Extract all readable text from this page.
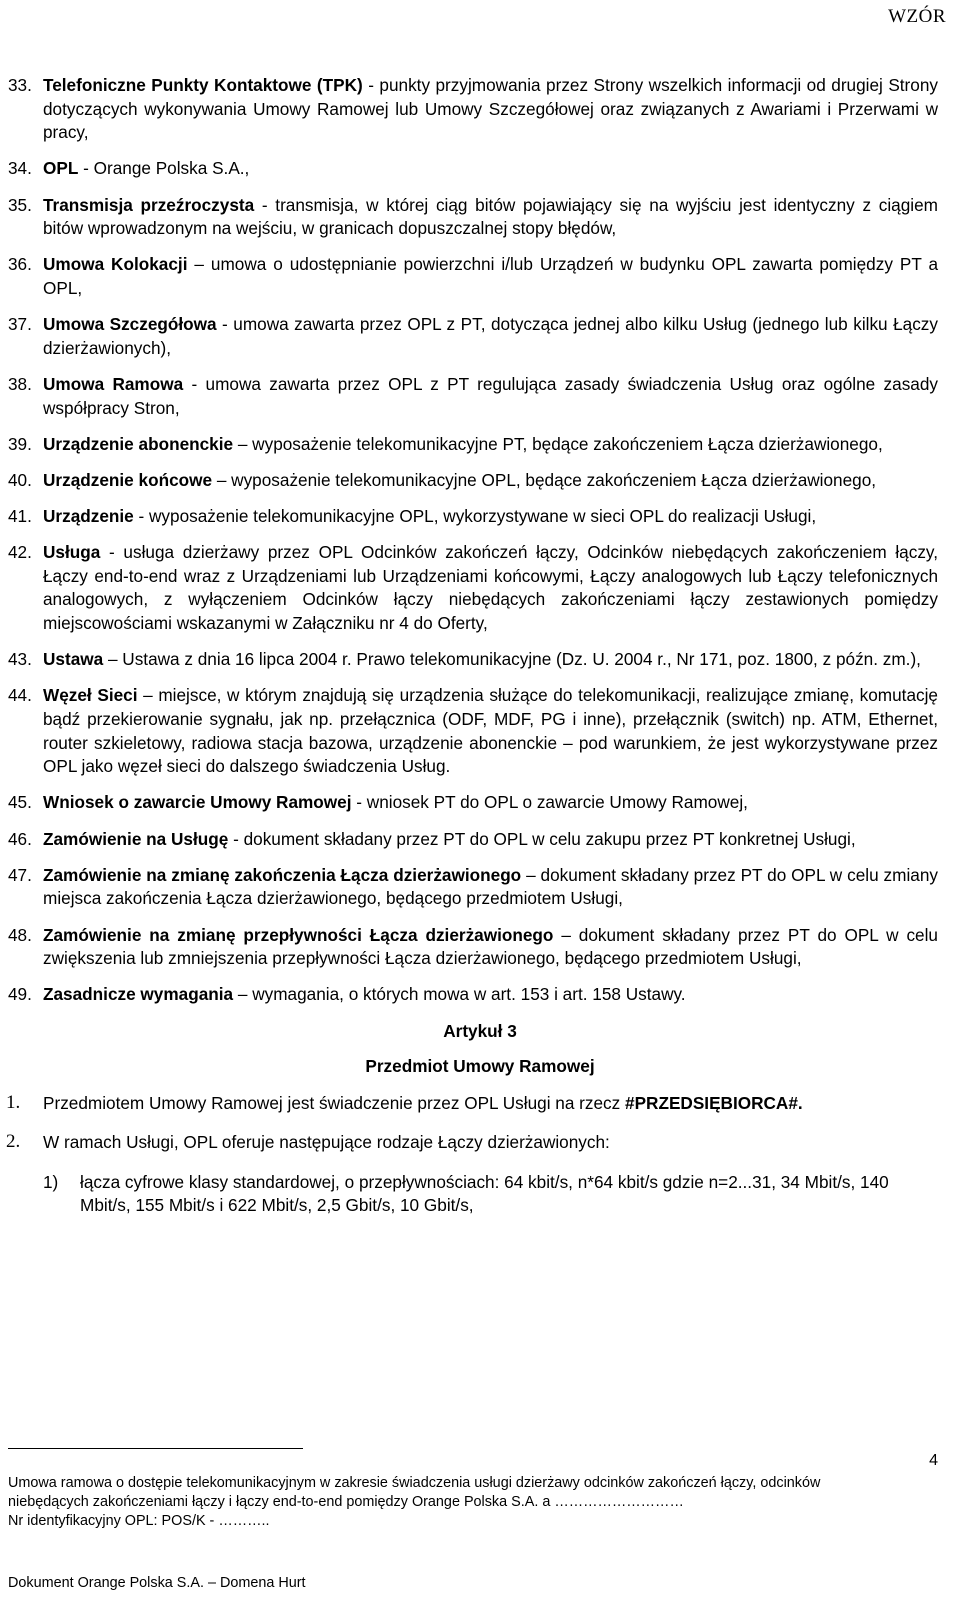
WZÓR
33. Telefoniczne Punkty Kontaktowe (TPK) - punkty przyjmowania przez Strony wszelkich informacji od drugiej Strony dotyczących wykonywania Umowy Ramowej lub Umowy Szczegółowej oraz związanych z Awariami i Przerwami w pracy,
34. OPL - Orange Polska S.A.,
35. Transmisja przeźroczysta - transmisja, w której ciąg bitów pojawiający się na wyjściu jest identyczny z ciągiem bitów wprowadzonym na wejściu, w granicach dopuszczalnej stopy błędów,
36. Umowa Kolokacji – umowa o udostępnianie powierzchni i/lub Urządzeń w budynku OPL zawarta pomiędzy PT a OPL,
37. Umowa Szczegółowa - umowa zawarta przez OPL z PT, dotycząca jednej albo kilku Usług (jednego lub kilku Łączy dzierżawionych),
38. Umowa Ramowa - umowa zawarta przez OPL z PT regulująca zasady świadczenia Usług oraz ogólne zasady współpracy Stron,
39. Urządzenie abonenckie – wyposażenie telekomunikacyjne PT, będące zakończeniem Łącza dzierżawionego,
40. Urządzenie końcowe – wyposażenie telekomunikacyjne OPL, będące zakończeniem Łącza dzierżawionego,
41. Urządzenie - wyposażenie telekomunikacyjne OPL, wykorzystywane w sieci OPL do realizacji Usługi,
42. Usługa - usługa dzierżawy przez OPL Odcinków zakończeń łączy, Odcinków niebędących zakończeniem łączy, Łączy end-to-end wraz z Urządzeniami lub Urządzeniami końcowymi, Łączy analogowych lub Łączy telefonicznych analogowych, z wyłączeniem Odcinków łączy niebędących zakończeniami łączy zestawionych pomiędzy miejscowościami wskazanymi w Załączniku nr 4 do Oferty,
43. Ustawa – Ustawa z dnia 16 lipca 2004 r. Prawo telekomunikacyjne (Dz. U. 2004 r., Nr 171, poz. 1800, z późn. zm.),
44. Węzeł Sieci – miejsce, w którym znajdują się urządzenia służące do telekomunikacji, realizujące zmianę, komutację bądź przekierowanie sygnału, jak np. przełącznica (ODF, MDF, PG i inne), przełącznik (switch) np. ATM, Ethernet, router szkieletowy, radiowa stacja bazowa, urządzenie abonenckie – pod warunkiem, że jest wykorzystywane przez OPL jako węzeł sieci do dalszego świadczenia Usług.
45. Wniosek o zawarcie Umowy Ramowej - wniosek PT do OPL o zawarcie Umowy Ramowej,
46. Zamówienie na Usługę - dokument składany przez PT do OPL w celu zakupu przez PT konkretnej Usługi,
47. Zamówienie na zmianę zakończenia Łącza dzierżawionego – dokument składany przez PT do OPL w celu zmiany miejsca zakończenia Łącza dzierżawionego, będącego przedmiotem Usługi,
48. Zamówienie na zmianę przepływności Łącza dzierżawionego – dokument składany przez PT do OPL w celu zwiększenia lub zmniejszenia przepływności Łącza dzierżawionego, będącego przedmiotem Usługi,
49. Zasadnicze wymagania – wymagania, o których mowa w art. 153 i art. 158 Ustawy.
Artykuł 3
Przedmiot Umowy Ramowej
1. Przedmiotem Umowy Ramowej jest świadczenie przez OPL Usługi na rzecz #PRZEDSIĘBIORCA#.
2. W ramach Usługi, OPL oferuje następujące rodzaje Łączy dzierżawionych:
1) łącza cyfrowe klasy standardowej, o przepływnościach: 64 kbit/s, n*64 kbit/s gdzie n=2...31, 34 Mbit/s, 140 Mbit/s, 155 Mbit/s i 622 Mbit/s, 2,5 Gbit/s, 10 Gbit/s,
4
Umowa ramowa o dostępie telekomunikacyjnym w zakresie świadczenia usługi dzierżawy odcinków zakończeń łączy, odcinków
niebędących zakończeniami łączy i łączy end-to-end pomiędzy Orange Polska S.A. a ………………………
Nr identyfikacyjny OPL: POS/K - ………..
Dokument Orange Polska S.A. – Domena Hurt
